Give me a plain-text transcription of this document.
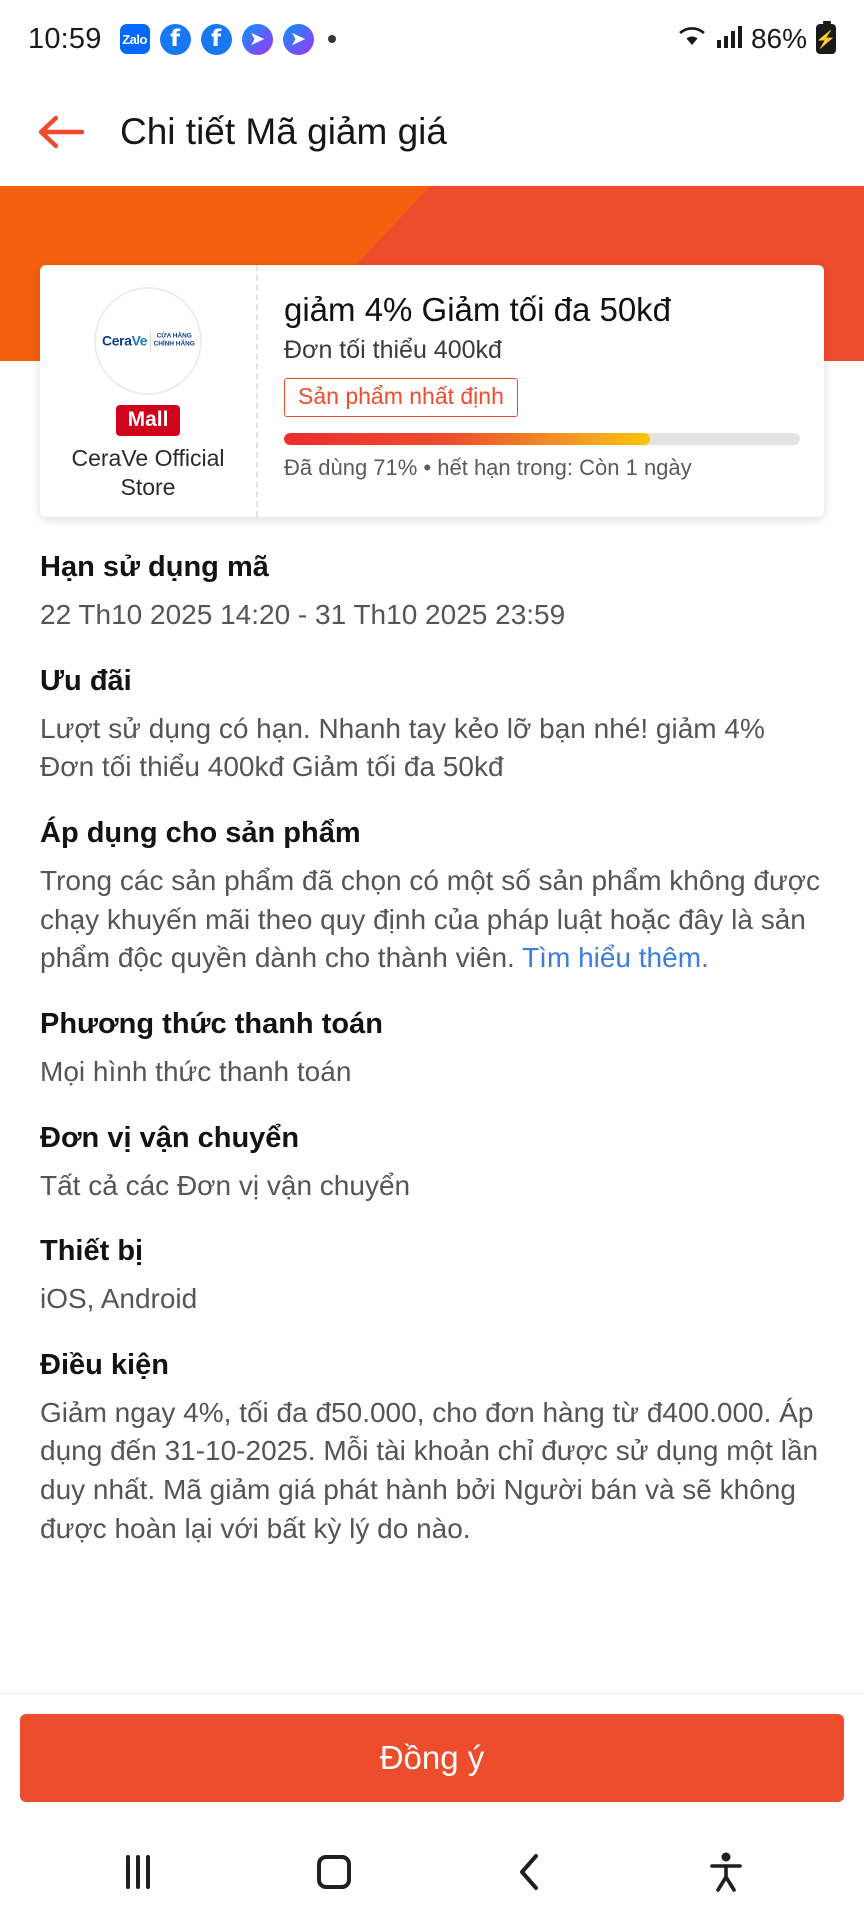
10:59 Zalo	f	f	➤	➤	86% ⚡
Chi tiết Mã giảm giá
CeraVe	CỬA HÀNG
CHÍNH HÃNG
Mall
CeraVe Official Store
giảm 4% Giảm tối đa 50kđ
Đơn tối thiểu 400kđ
Sản phẩm nhất định
Đã dùng 71% • hết hạn trong: Còn 1 ngày
Hạn sử dụng mã

22 Th10 2025 14:20 - 31 Th10 2025 23:59

Ưu đãi

Lượt sử dụng có hạn. Nhanh tay kẻo lỡ bạn nhé! giảm 4% Đơn tối thiểu 400kđ Giảm tối đa 50kđ

Áp dụng cho sản phẩm

Trong các sản phẩm đã chọn có một số sản phẩm không được chạy khuyến mãi theo quy định của pháp luật hoặc đây là sản phẩm độc quyền dành cho thành viên. Tìm hiểu thêm.

Phương thức thanh toán

Mọi hình thức thanh toán

Đơn vị vận chuyển

Tất cả các Đơn vị vận chuyển

Thiết bị

iOS, Android

Điều kiện

Giảm ngay 4%, tối đa đ50.000, cho đơn hàng từ đ400.000. Áp dụng đến 31-10-2025. Mỗi tài khoản chỉ được sử dụng một lần duy nhất. Mã giảm giá phát hành bởi Người bán và sẽ không được hoàn lại với bất kỳ lý do nào.

Đồng ý
